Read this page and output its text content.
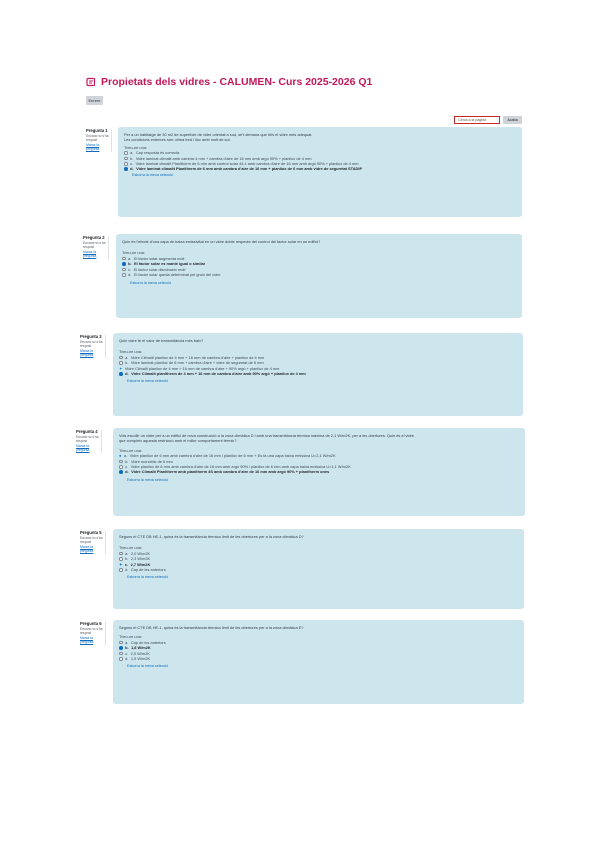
Propietats dels vidres - CALUMEN- Curs 2025-2026 Q1
Enrere
Cerca a la pàgina	Acaba
Pregunta 1
Encara no s'ha respost
Marca la pregunta
Per a un habitatge de 30 m2 de superfície de vidre orientat a sud, se't demana que triïs el vidre més adequat.
Les condicions exteriors són: clima fred i lloc amb molt de sol.
Trieu-ne una:
a. Cap resposta és correcta
b. Vidre laminat climalit amb cambra 4 mm + cambra d'aire de 16 mm amb argó 90% + planilux de 4 mm
c. Vidre laminat climalit Planitherm de 6 mm amb control solar 44.1 amb cambra d'aire de 16 mm amb argó 90% + planilux de 4 mm
d. Vidre laminat climalit Planitherm de 6 mm amb cambra d'aire de 16 mm + planilux de 6 mm amb vidre de seguretat STADIP
Esborra la meva selecció
Pregunta 2
Encara no s'ha respost
Marca la pregunta
Quin és l'efecte d'una capa de baixa emissivitat en un vidre doble respecte del control del factor solar en un edifici?
Trieu-ne una:
a. El factor solar augmenta molt
b. El factor solar es manté igual o similar
c. El factor solar disminueix molt
d. El factor solar queda determinat pel gruix del vidre
Esborra la meva selecció
Pregunta 3
Encara no s'ha respost
Marca la pregunta
Quin vidre té el valor de transmitància més baix?
Trieu-ne una:
a. Vidre Climalit planilux de 4 mm + 16 mm de cambra d'aire + planilux de 4 mm
b. Vidre laminat planilux de 6 mm + cambra d'aire + vidre de seguretat de 6 mm
✦ Vidre Climalit planilux de 4 mm + 16 mm de cambra d'aire + 90% argó + planilux de 4 mm
d. Vidre Climalit planitherm de 4 mm + 16 mm de cambra d'aire amb 90% argó + planilux de 4 mm
Esborra la meva selecció
Pregunta 4
Encara no s'ha respost
Marca la pregunta
Vols escollir un vidre per a un edifici de nova construcció a la zona climàtica D i amb una transmitància tèrmica màxima de 2,1 W/m2K, per a les obertures. Quin és el vidre
que compleix aquesta restricció amb el millor comportament tèrmic?
Trieu-ne una:
● a. Vidre planilux de 6 mm amb cambra d'aire de 16 mm i planilux de 6 mm + Es fa una capa baixa emissiva U=2,1 W/m2K
b. Vidre monolític de 6 mm
c. Vidre planilux de 6 mm amb cambra d'aire de 16 mm amb argó 90% i planilux de 6 mm amb capa baixa emissiva U=1,1 W/m2K
d. Vidre Climalit Planitherm amb planitherm 4S amb cambra d'aire de 16 mm amb argó 90% + planitherm ones
Esborra la meva selecció
Pregunta 5
Encara no s'ha respost
Marca la pregunta
Segons el CTE DB HE-1, quina és la transmitància tèrmica límit de les obertures per a la zona climàtica D?
Trieu-ne una:
a. 2,0 W/m2K
b. 2,3 W/m2K
✦ c. 2,7 W/m2K
d. Cap de les anteriors
Esborra la meva selecció
Pregunta 6
Encara no s'ha respost
Marca la pregunta
Segons el CTE DB HE-1, quina és la transmitància tèrmica límit de les obertures per a la zona climàtica E?
Trieu-ne una:
a. Cap de les anteriors
b. 1,8 W/m2K
c. 2,0 W/m2K
d. 1,5 W/m2K
Esborra la meva selecció
